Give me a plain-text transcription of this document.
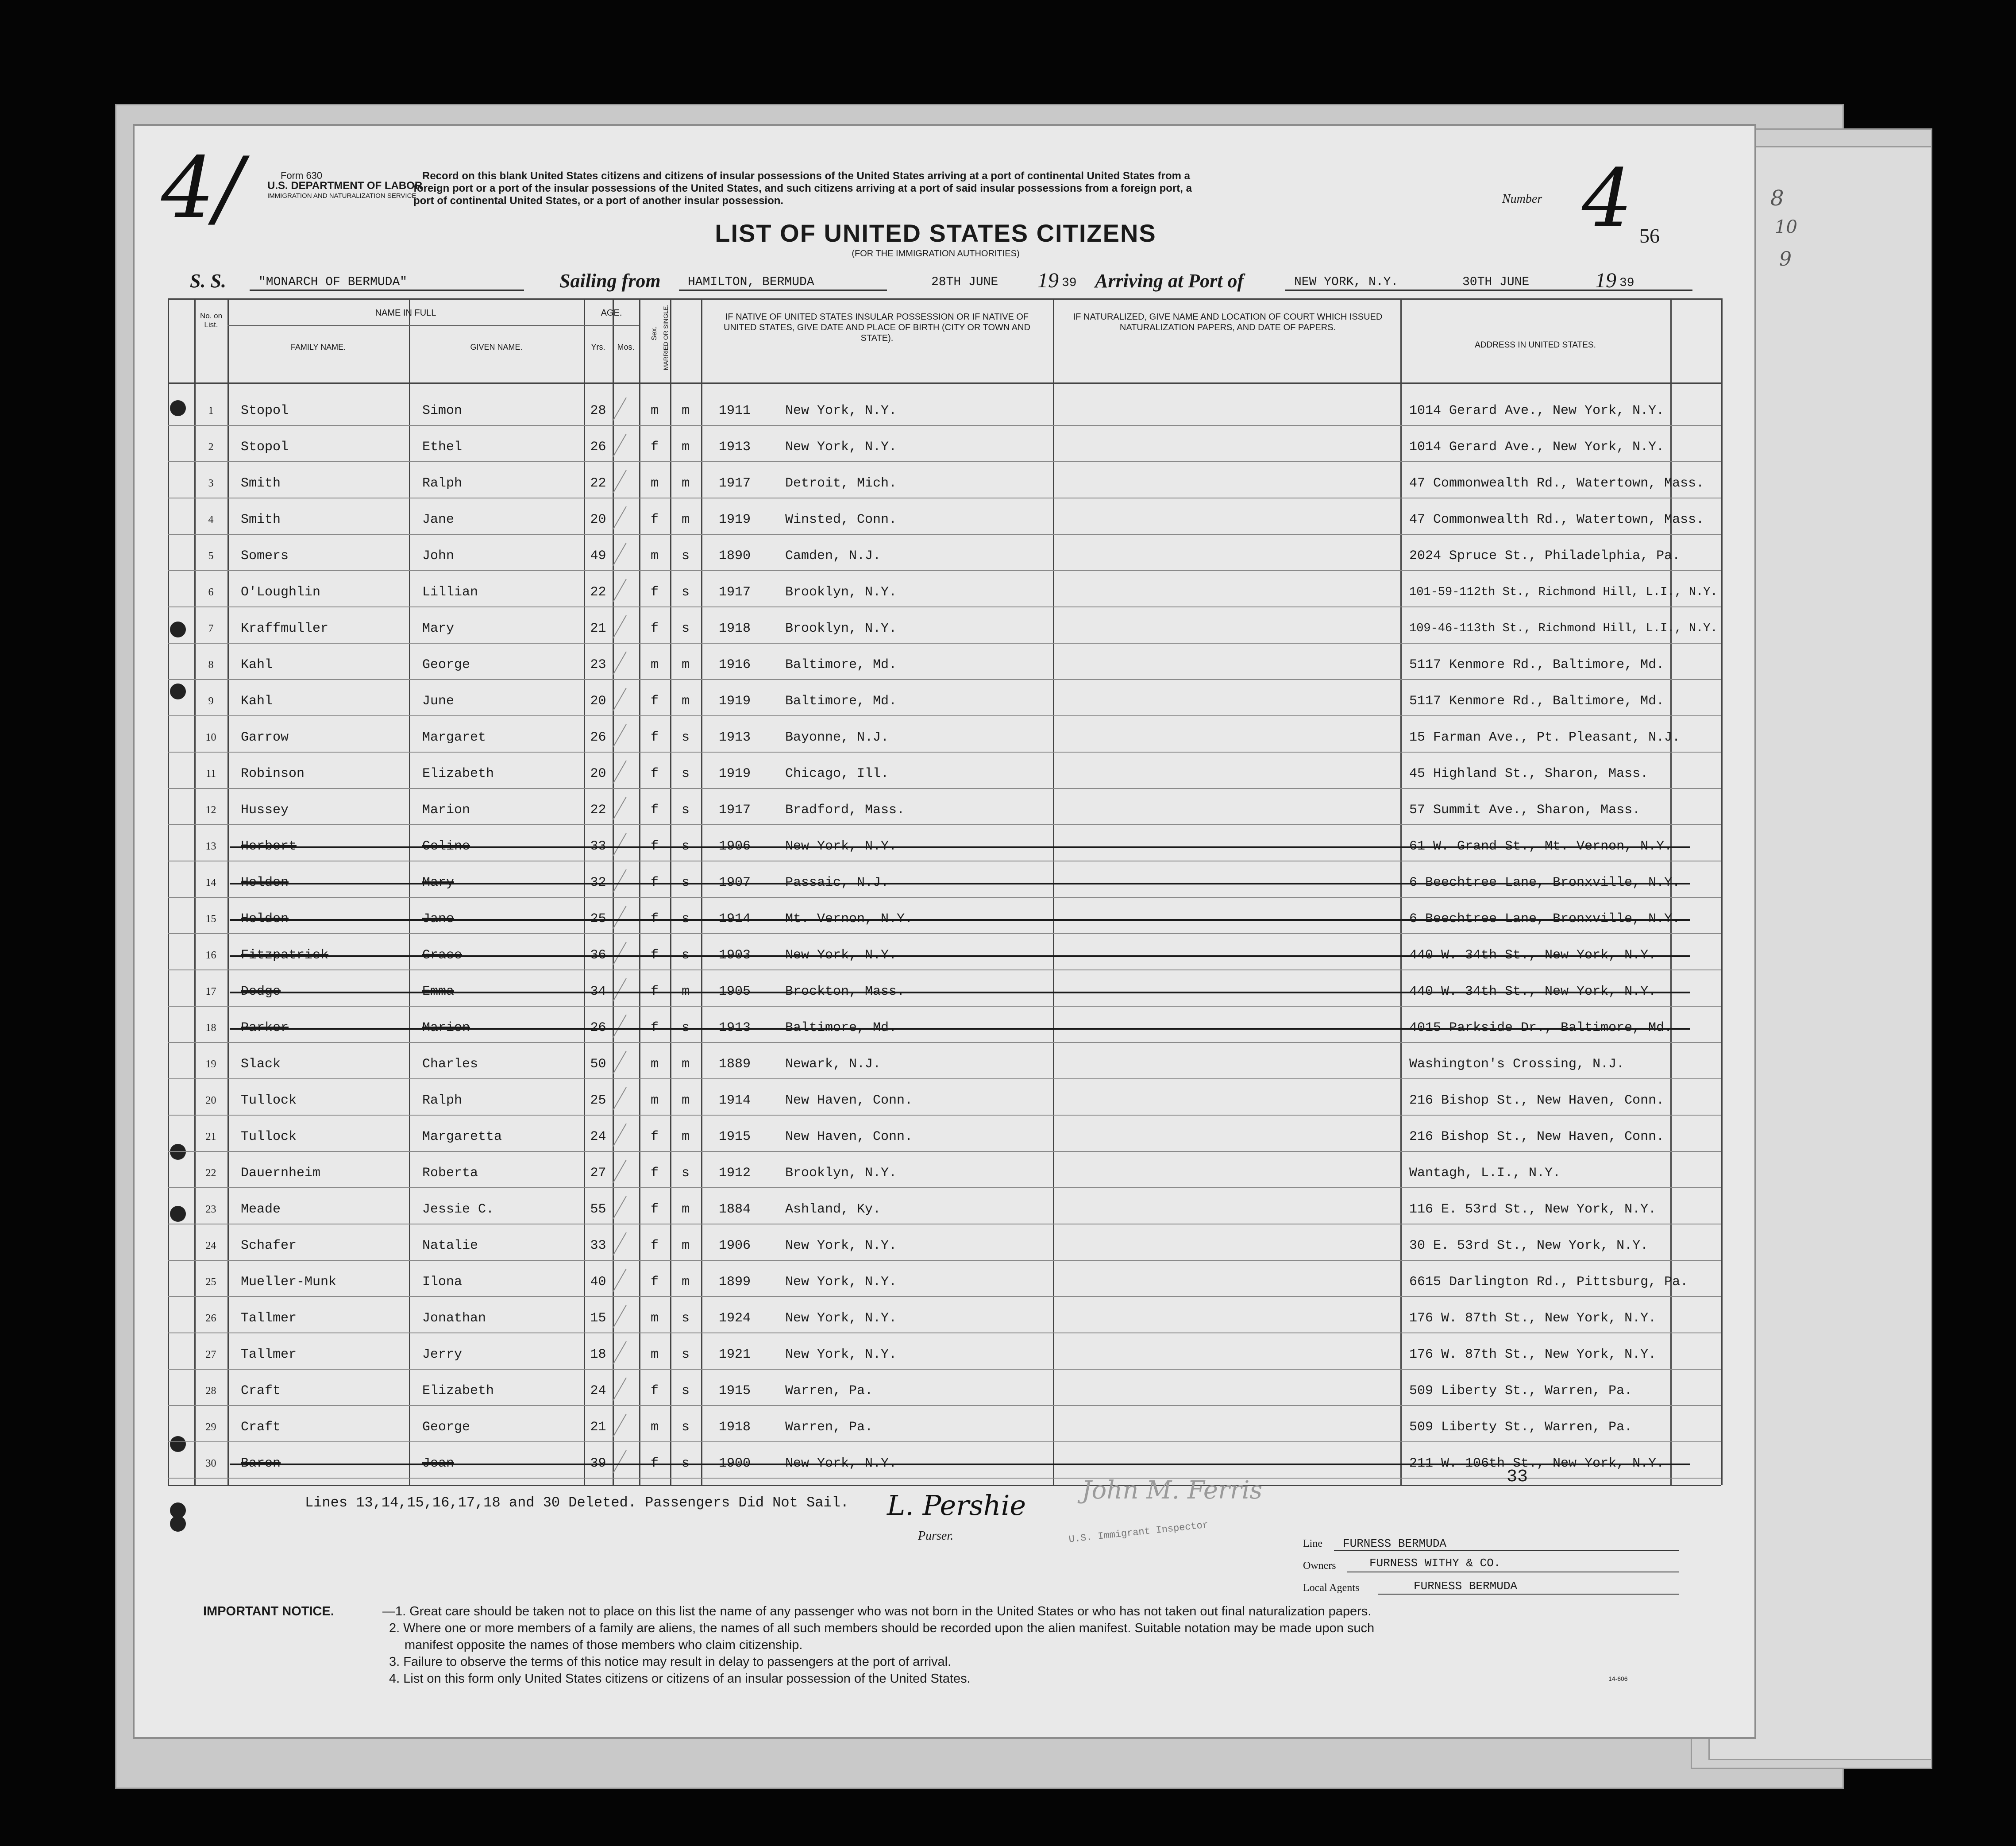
8
10
9
4/	Form 630
U.S. DEPARTMENT OF LABOR
IMMIGRATION AND NATURALIZATION SERVICE
Record on this blank United States citizens and citizens of insular possessions of the United States arriving at a port of continental United States from a
foreign port or a port of the insular possessions of the United States, and such citizens arriving at a port of said insular possessions from a foreign port, a
port of continental United States, or a port of another insular possession.	Number 4
LIST OF UNITED STATES CITIZENS
(FOR THE IMMIGRATION AUTHORITIES)
56
S. S.	"MONARCH OF BERMUDA"	Sailing from HAMILTON, BERMUDA	28TH JUNE 19 39 Arriving at Port of	NEW YORK, N.Y.	30TH JUNE	19 39
No. on List.
NAME IN FULL
FAMILY NAME.	GIVEN NAME.
AGE.
Yrs.	Mos.
Sex. MARRIED OR SINGLE.	IF NATIVE OF UNITED STATES INSULAR POSSESSION OR IF NATIVE OF UNITED STATES, GIVE DATE AND PLACE OF BIRTH (CITY OR TOWN AND STATE).
IF NATURALIZED, GIVE NAME AND LOCATION OF COURT WHICH ISSUED NATURALIZATION PAPERS, AND DATE OF PAPERS.
ADDRESS IN UNITED STATES.
1	Stopol	Simon	28	m	m	1911	New York, N.Y.	1014 Gerard Ave., New York, N.Y.
2	Stopol	Ethel	26	f	m	1913	New York, N.Y.	1014 Gerard Ave., New York, N.Y.
3	Smith	Ralph	22	m	m	1917	Detroit, Mich.	47 Commonwealth Rd., Watertown, Mass.
4	Smith	Jane	20	f	m	1919	Winsted, Conn.	47 Commonwealth Rd., Watertown, Mass.
5	Somers	John	49	m	s	1890	Camden, N.J.	2024 Spruce St., Philadelphia, Pa.
6	O'Loughlin	Lillian	22	f	s	1917	Brooklyn, N.Y.	101-59-112th St., Richmond Hill, L.I., N.Y.
7	Kraffmuller	Mary	21	f	s	1918	Brooklyn, N.Y.	109-46-113th St., Richmond Hill, L.I., N.Y.
8	Kahl	George	23	m	m	1916	Baltimore, Md.	5117 Kenmore Rd., Baltimore, Md.
9	Kahl	June	20	f	m	1919	Baltimore, Md.	5117 Kenmore Rd., Baltimore, Md.
10	Garrow	Margaret	26	f	s	1913	Bayonne, N.J.	15 Farman Ave., Pt. Pleasant, N.J.
11	Robinson	Elizabeth	20	f	s	1919	Chicago, Ill.	45 Highland St., Sharon, Mass.
12	Hussey	Marion	22	f	s	1917	Bradford, Mass.	57 Summit Ave., Sharon, Mass.
13	Herbert	Celine	33	f	s	1906	New York, N.Y.	61 W. Grand St., Mt. Vernon, N.Y.
14	Holden	Mary	32	f	s	1907	Passaic, N.J.	6 Beechtree Lane, Bronxville, N.Y.
15	Holden	Jane	25	f	s	1914	Mt. Vernon, N.Y.	6 Beechtree Lane, Bronxville, N.Y.
16	Fitzpatrick	Grace	36	f	s	1903	New York, N.Y.	440 W. 34th St., New York, N.Y.
17	Dodge	Emma	34	f	m	1905	Brockton, Mass.	440 W. 34th St., New York, N.Y.
18	Parker	Marion	26	f	s	1913	Baltimore, Md.	4015 Parkside Dr., Baltimore, Md.
19	Slack	Charles	50	m	m	1889	Newark, N.J.	Washington's Crossing, N.J.
20	Tullock	Ralph	25	m	m	1914	New Haven, Conn.	216 Bishop St., New Haven, Conn.
21	Tullock	Margaretta	24	f	m	1915	New Haven, Conn.	216 Bishop St., New Haven, Conn.
22	Dauernheim	Roberta	27	f	s	1912	Brooklyn, N.Y.	Wantagh, L.I., N.Y.
23	Meade	Jessie C.	55	f	m	1884	Ashland, Ky.	116 E. 53rd St., New York, N.Y.
24	Schafer	Natalie	33	f	m	1906	New York, N.Y.	30 E. 53rd St., New York, N.Y.
25	Mueller-Munk	Ilona	40	f	m	1899	New York, N.Y.	6615 Darlington Rd., Pittsburg, Pa.
26	Tallmer	Jonathan	15	m	s	1924	New York, N.Y.	176 W. 87th St., New York, N.Y.
27	Tallmer	Jerry	18	m	s	1921	New York, N.Y.	176 W. 87th St., New York, N.Y.
28	Craft	Elizabeth	24	f	s	1915	Warren, Pa.	509 Liberty St., Warren, Pa.
29	Craft	George	21	m	s	1918	Warren, Pa.	509 Liberty St., Warren, Pa.
30	Baron	Jean	39	f	s	1900	New York, N.Y.	211 W. 106th St., New York, N.Y.
33
Lines 13,14,15,16,17,18 and 30 Deleted. Passengers Did Not Sail. L. Pershie
Purser.
John M. Ferris
U.S. Immigrant Inspector	Line FURNESS BERMUDA
Owners	FURNESS WITHY & CO.
Local Agents	FURNESS BERMUDA
IMPORTANT NOTICE.	—1. Great care should be taken not to place on this list the name of any passenger who was not born in the United States or who has not taken out final naturalization papers.
2. Where one or more members of a family are aliens, the names of all such members should be recorded upon the alien manifest. Suitable notation may be made upon such
manifest opposite the names of those members who claim citizenship.
3. Failure to observe the terms of this notice may result in delay to passengers at the port of arrival.
4. List on this form only United States citizens or citizens of an insular possession of the United States.	14-606
